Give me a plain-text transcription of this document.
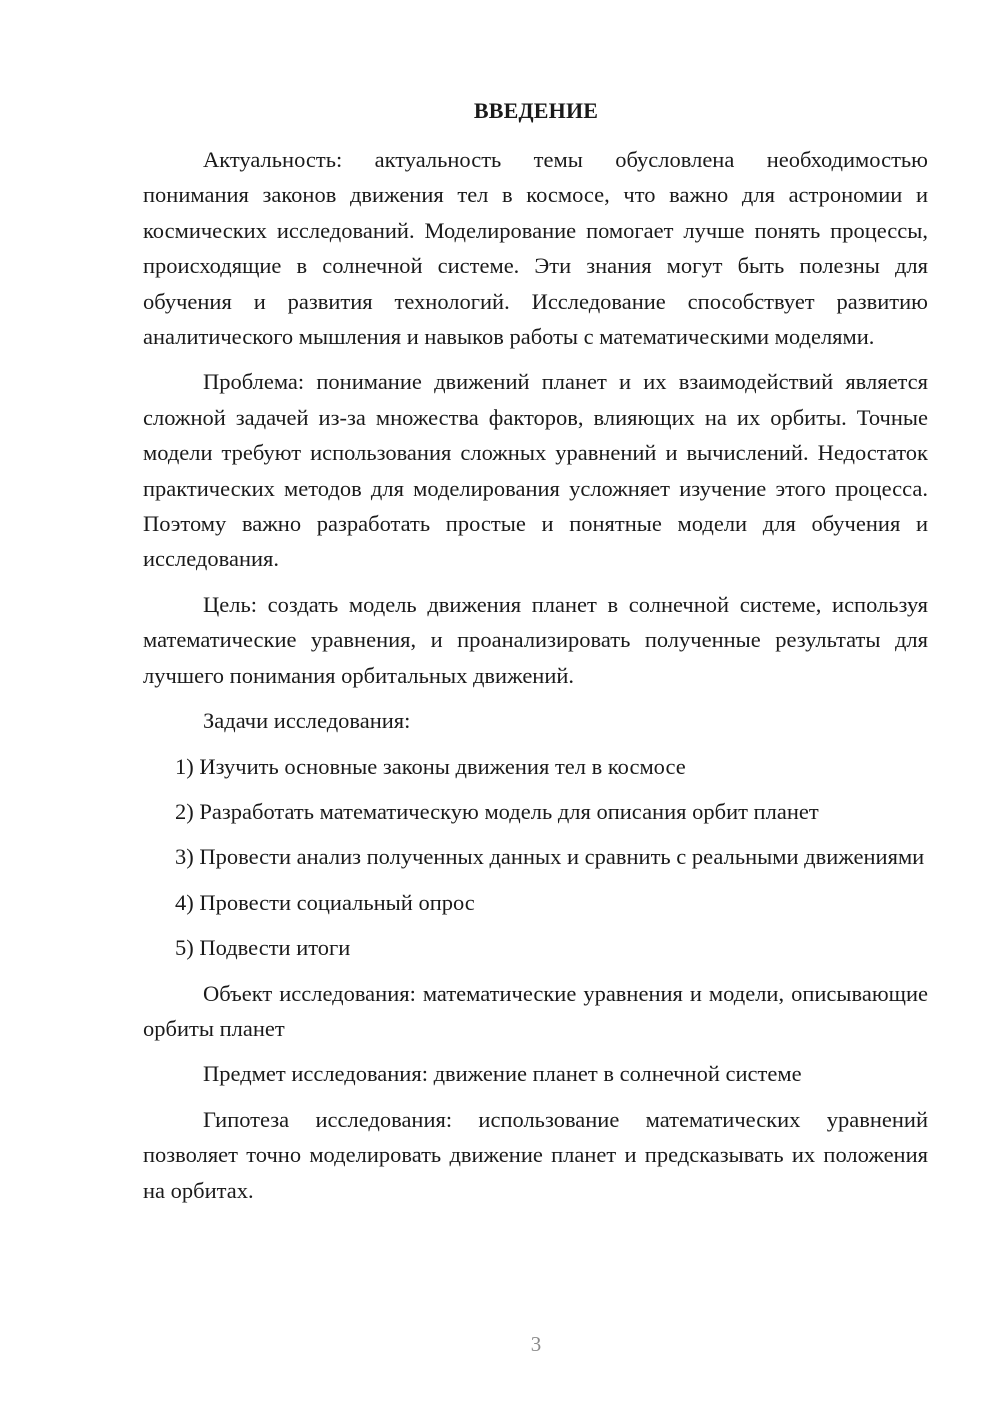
ВВЕДЕНИЕ

Актуальность: актуальность темы обусловлена необходимостью понимания законов движения тел в космосе, что важно для астрономии и космических исследований. Моделирование помогает лучше понять процессы, происходящие в солнечной системе. Эти знания могут быть полезны для обучения и развития технологий. Исследование способствует развитию аналитического мышления и навыков работы с математическими моделями.

Проблема: понимание движений планет и их взаимодействий является сложной задачей из-за множества факторов, влияющих на их орбиты. Точные модели требуют использования сложных уравнений и вычислений. Недостаток практических методов для моделирования усложняет изучение этого процесса. Поэтому важно разработать простые и понятные модели для обучения и исследования.

Цель: создать модель движения планет в солнечной системе, используя математические уравнения, и проанализировать полученные результаты для лучшего понимания орбитальных движений.

Задачи исследования:

1) Изучить основные законы движения тел в космосе

2) Разработать математическую модель для описания орбит планет

3) Провести анализ полученных данных и сравнить с реальными движениями

4) Провести социальный опрос

5) Подвести итоги

Объект исследования: математические уравнения и модели, описывающие орбиты планет

Предмет исследования: движение планет в солнечной системе

Гипотеза исследования: использование математических уравнений позволяет точно моделировать движение планет и предсказывать их положения на орбитах.

3
